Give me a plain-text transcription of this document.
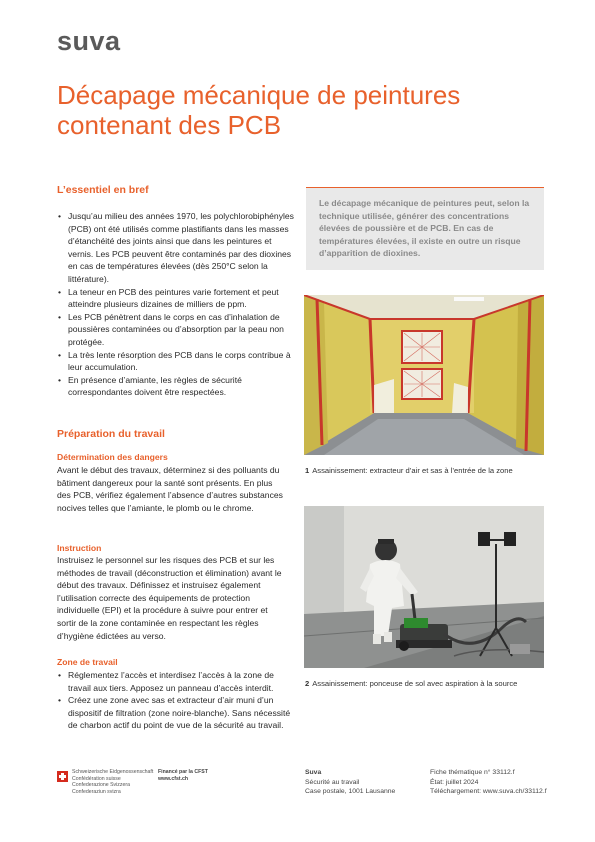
suva
Décapage mécanique de peintures contenant des PCB
L’essentiel en bref
• Jusqu’au milieu des années 1970, les polychlorobiphényles (PCB) ont été utilisés comme plastifiants dans les masses d’étanchéité des joints ainsi que dans les peintures et vernis. Les PCB peuvent être contaminés par des dioxines en cas de températures élevées (dès 250°C selon la littérature).
• La teneur en PCB des peintures varie fortement et peut atteindre plusieurs dizaines de milliers de ppm.
• Les PCB pénètrent dans le corps en cas d’inhalation de poussières contaminées ou d’absorption par la peau non protégée.
• La très lente résorption des PCB dans le corps contribue à leur accumulation.
• En présence d’amiante, les règles de sécurité correspondantes doivent être respectées.
Préparation du travail
Détermination des dangers
Avant le début des travaux, déterminez si des polluants du bâtiment dangereux pour la santé sont présents. En plus des PCB, vérifiez également l’absence d’autres substances nocives telles que l’amiante, le plomb ou le chrome.
Instruction
Instruisez le personnel sur les risques des PCB et sur les méthodes de travail (déconstruction et élimination) avant le début des travaux. Définissez et instruisez également l’utilisation correcte des équipements de protection individuelle (EPI) et la procédure à suivre pour entrer et sortir de la zone contaminée en respectant les règles d’hygiène édictées au verso.
Zone de travail
• Réglementez l’accès et interdisez l’accès à la zone de travail aux tiers. Apposez un panneau d’accès interdit.
• Créez une zone avec sas et extracteur d’air muni d’un dispositif de filtration (zone noire-blanche). Sans nécessité de charbon actif du point de vue de la sécurité au travail.
Le décapage mécanique de peintures peut, selon la technique utilisée, générer des concentrations élevées de poussière et de PCB. En cas de températures élevées, il existe en outre un risque d’apparition de dioxines.
1 Assainissement: extracteur d’air et sas à l’entrée de la zone
2 Assainissement: ponceuse de sol avec aspiration à la source
Schweizerische Eidgenossenschaft
Confédération suisse
Confederazione Svizzera
Confederaziun svizra
Financé par la CFST
www.cfst.ch
Suva
Sécurité au travail
Case postale, 1001 Lausanne
Fiche thématique n° 33112.f
État: juillet 2024
Téléchargement: www.suva.ch/33112.f
